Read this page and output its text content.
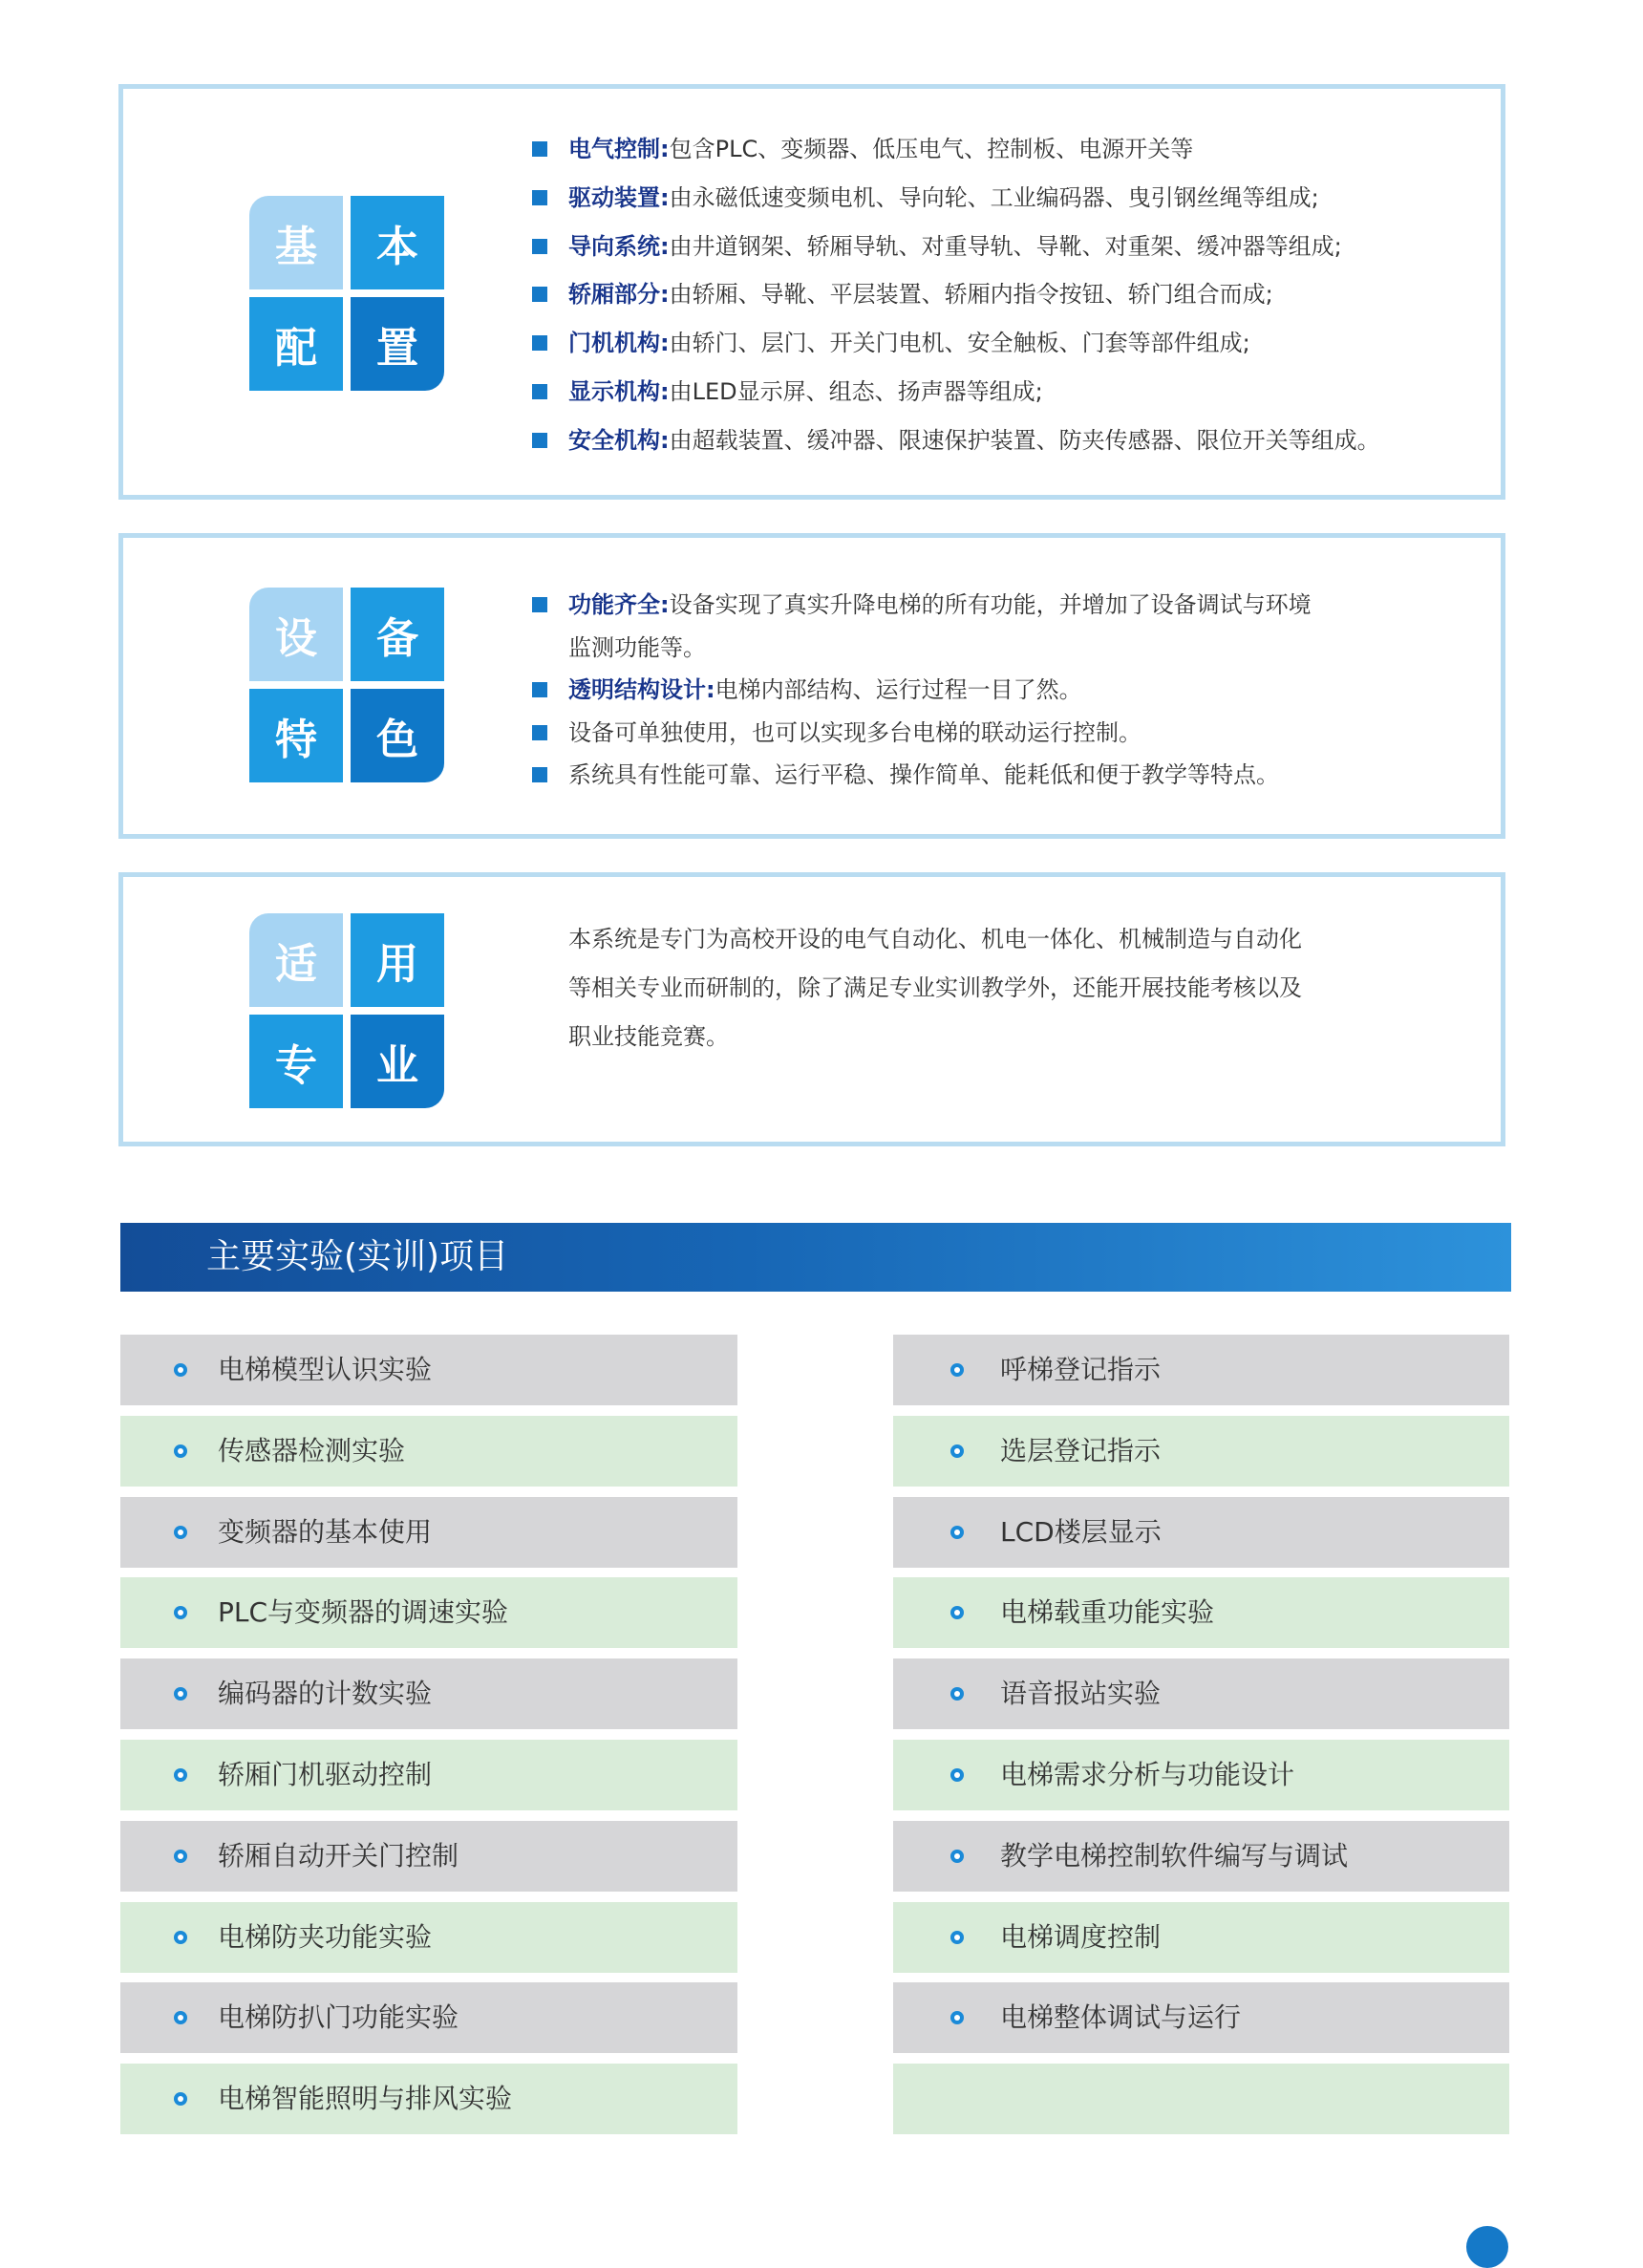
基	本
配	置
电气控制:包含PLC、变频器、低压电气、控制板、电源开关等
驱动装置:由永磁低速变频电机、导向轮、工业编码器、曳引钢丝绳等组成;
导向系统:由井道钢架、轿厢导轨、对重导轨、导靴、对重架、缓冲器等组成;
轿厢部分:由轿厢、导靴、平层装置、轿厢内指令按钮、轿门组合而成;
门机机构:由轿门、层门、开关门电机、安全触板、门套等部件组成;
显示机构:由LED显示屏、组态、扬声器等组成;
安全机构:由超载装置、缓冲器、限速保护装置、防夹传感器、限位开关等组成。
设	备
特	色
功能齐全:设备实现了真实升降电梯的所有功能，并增加了设备调试与环境
监测功能等。
透明结构设计:电梯内部结构、运行过程一目了然。
设备可单独使用，也可以实现多台电梯的联动运行控制。
系统具有性能可靠、运行平稳、操作简单、能耗低和便于教学等特点。
适	用
专	业

本系统是专门为高校开设的电气自动化、机电一体化、机械制造与自动化
等相关专业而研制的，除了满足专业实训教学外，还能开展技能考核以及
职业技能竞赛。

主要实验(实训)项目
电梯模型认识实验
传感器检测实验
变频器的基本使用
PLC与变频器的调速实验
编码器的计数实验
轿厢门机驱动控制
轿厢自动开关门控制
电梯防夹功能实验
电梯防扒门功能实验
电梯智能照明与排风实验
呼梯登记指示
选层登记指示
LCD楼层显示
电梯载重功能实验
语音报站实验
电梯需求分析与功能设计
教学电梯控制软件编写与调试
电梯调度控制
电梯整体调试与运行
